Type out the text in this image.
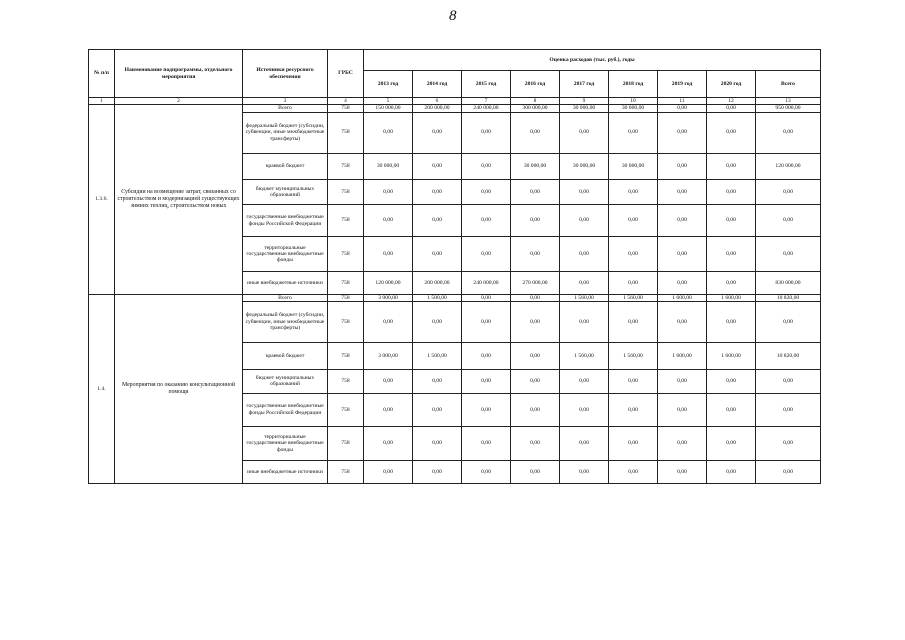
8
№ п/п	Наименование подпрограммы, отдельного мероприятия	Источники ресурсного обеспечения	ГРБС	Оценка расходов (тыс. руб.), годы								
				2013 год	2014 год	2015 год	2016 год	2017 год	2018 год	2019 год	2020 год	Всего
1	2	3	4	5	6	7	8	9	10	11	12	13
1.3.6.	Субсидии на возмещение затрат, связанных со строительством и модернизацией существующих зимних теплиц, строительством новых	Всего	758	150 000,00	200 000,00	240 000,00	300 000,00	30 000,00	30 000,00	0,00	0,00	950 000,00
		федеральный бюджет (субсидии, субвенции, иные межбюджетные трансферты)	758	0,00	0,00	0,00	0,00	0,00	0,00	0,00	0,00	0,00
		краевой бюджет	758	30 000,00	0,00	0,00	30 000,00	30 000,00	30 000,00	0,00	0,00	120 000,00
		бюджет муниципальных образований	758	0,00	0,00	0,00	0,00	0,00	0,00	0,00	0,00	0,00
		государственные внебюджетные фонды Российской Федерации	758	0,00	0,00	0,00	0,00	0,00	0,00	0,00	0,00	0,00
		территориальные государственные внебюджетные фонды	758	0,00	0,00	0,00	0,00	0,00	0,00	0,00	0,00	0,00
		иные внебюджетные источники	758	120 000,00	200 000,00	240 000,00	270 000,00	0,00	0,00	0,00	0,00	830 000,00
1.4.	Мероприятия по оказанию консультационной помощи	Всего	758	3 000,00	1 500,00	0,00	0,00	1 560,00	1 560,00	1 600,00	1 600,00	10 820,00
		федеральный бюджет (субсидии, субвенции, иные межбюджетные трансферты)	758	0,00	0,00	0,00	0,00	0,00	0,00	0,00	0,00	0,00
		краевой бюджет	758	3 000,00	1 500,00	0,00	0,00	1 560,00	1 560,00	1 600,00	1 600,00	10 820,00
		бюджет муниципальных образований	758	0,00	0,00	0,00	0,00	0,00	0,00	0,00	0,00	0,00
		государственные внебюджетные фонды Российской Федерации	758	0,00	0,00	0,00	0,00	0,00	0,00	0,00	0,00	0,00
		территориальные государственные внебюджетные фонды	758	0,00	0,00	0,00	0,00	0,00	0,00	0,00	0,00	0,00
		иные внебюджетные источники	758	0,00	0,00	0,00	0,00	0,00	0,00	0,00	0,00	0,00
